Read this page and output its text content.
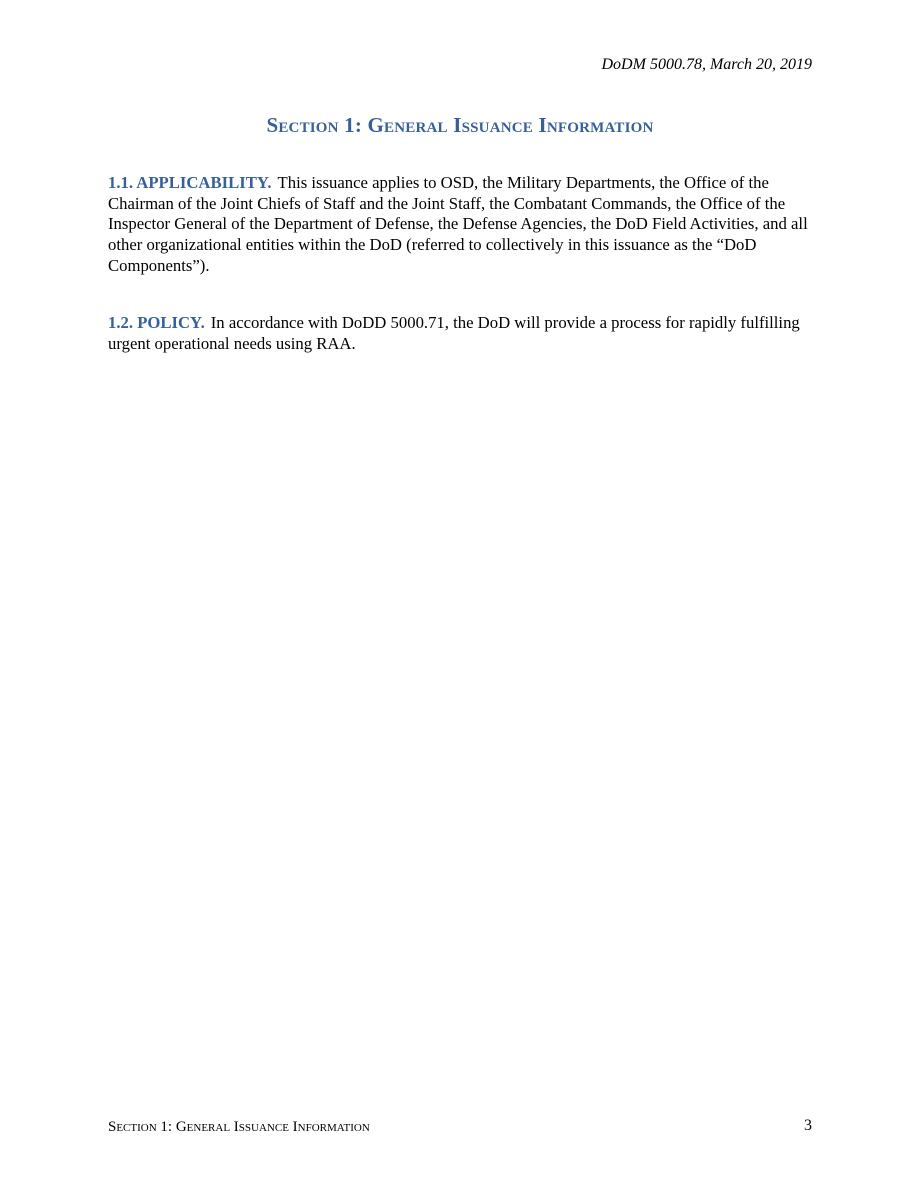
DoDM 5000.78, March 20, 2019
Section 1: General Issuance Information

1.1. APPLICABILITY. This issuance applies to OSD, the Military Departments, the Office of the Chairman of the Joint Chiefs of Staff and the Joint Staff, the Combatant Commands, the Office of the Inspector General of the Department of Defense, the Defense Agencies, the DoD Field Activities, and all other organizational entities within the DoD (referred to collectively in this issuance as the “DoD Components”).

1.2. POLICY. In accordance with DoDD 5000.71, the DoD will provide a process for rapidly fulfilling urgent operational needs using RAA.

Section 1: General Issuance Information	3
